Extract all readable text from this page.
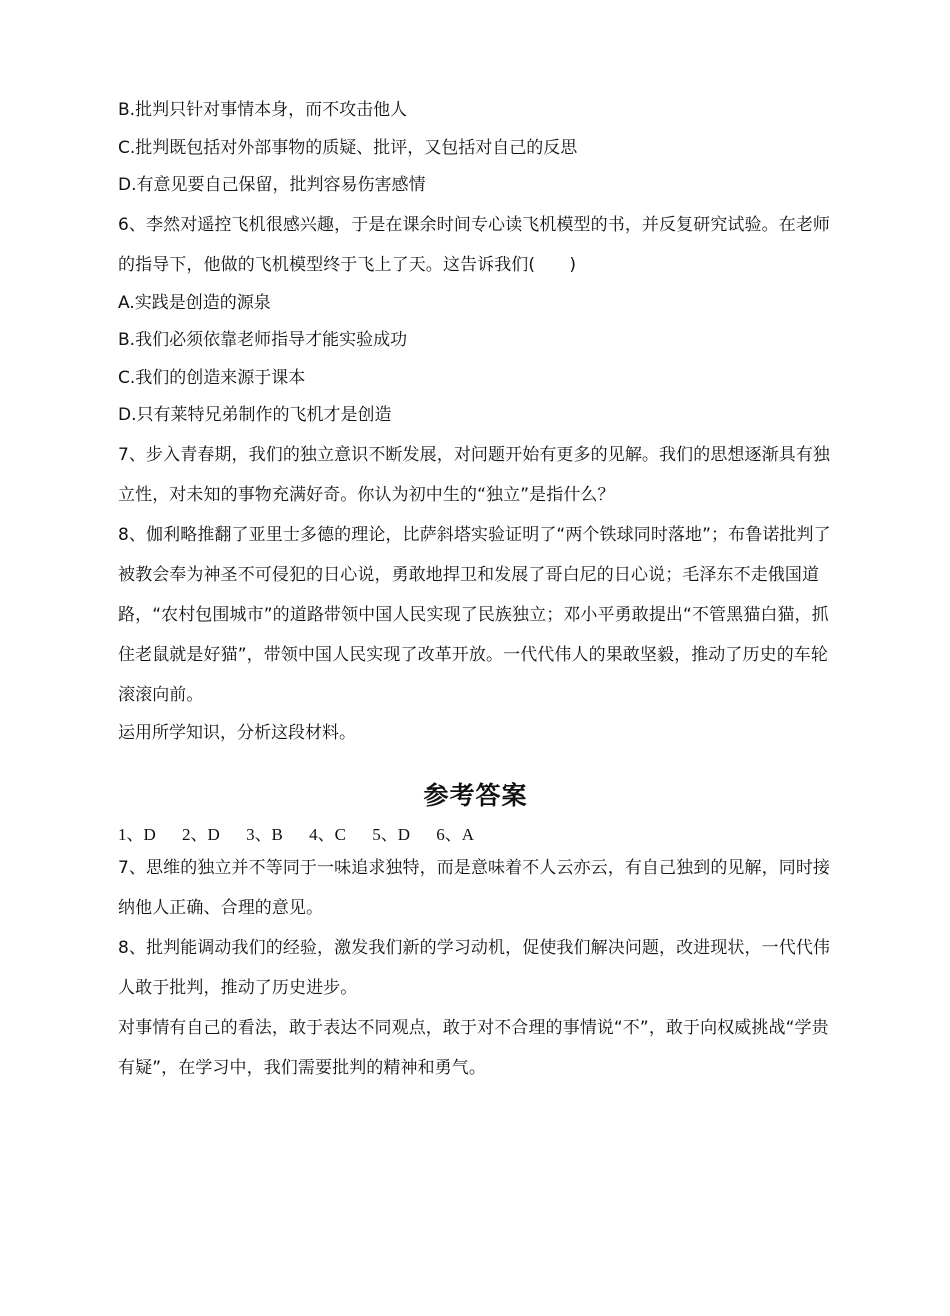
B.批判只针对事情本身，而不攻击他人
C.批判既包括对外部事物的质疑、批评，又包括对自己的反思
D.有意见要自己保留，批判容易伤害感情
6、李然对遥控飞机很感兴趣，于是在课余时间专心读飞机模型的书，并反复研究试验。在老师的指导下，他做的飞机模型终于飞上了天。这告诉我们(　　)
A.实践是创造的源泉
B.我们必须依靠老师指导才能实验成功
C.我们的创造来源于课本
D.只有莱特兄弟制作的飞机才是创造
7、步入青春期，我们的独立意识不断发展，对问题开始有更多的见解。我们的思想逐渐具有独立性，对未知的事物充满好奇。你认为初中生的“独立”是指什么？
8、伽利略推翻了亚里士多德的理论，比萨斜塔实验证明了“两个铁球同时落地”；布鲁诺批判了被教会奉为神圣不可侵犯的日心说，勇敢地捍卫和发展了哥白尼的日心说；毛泽东不走俄国道路，“农村包围城市”的道路带领中国人民实现了民族独立；邓小平勇敢提出“不管黑猫白猫，抓住老鼠就是好猫”，带领中国人民实现了改革开放。一代代伟人的果敢坚毅，推动了历史的车轮滚滚向前。
运用所学知识，分析这段材料。
参考答案
1、D 2、D 3、B 4、C 5、D 6、A
7、思维的独立并不等同于一味追求独特，而是意味着不人云亦云，有自己独到的见解，同时接纳他人正确、合理的意见。
8、批判能调动我们的经验，激发我们新的学习动机，促使我们解决问题，改进现状，一代代伟人敢于批判，推动了历史进步。
对事情有自己的看法，敢于表达不同观点，敢于对不合理的事情说“不”，敢于向权威挑战“学贵有疑”，在学习中，我们需要批判的精神和勇气。
